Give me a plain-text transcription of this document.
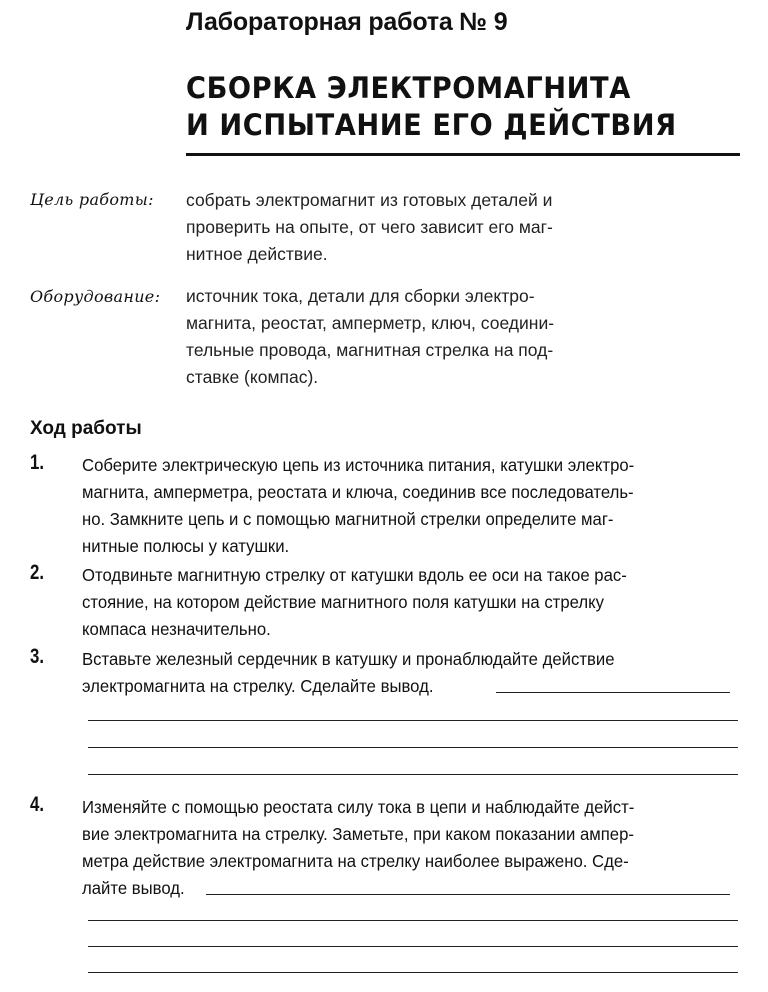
Лабораторная работа № 9
СБОРКА ЭЛЕКТРОМАГНИТА
И ИСПЫТАНИЕ ЕГО ДЕЙСТВИЯ
Цель работы: собрать электромагнит из готовых деталей и
проверить на опыте, от чего зависит его маг-
нитное действие.
Оборудование: источник тока, детали для сборки электро-
магнита, реостат, амперметр, ключ, соедини-
тельные провода, магнитная стрелка на под-
ставке (компас).
Ход работы
1. Соберите электрическую цепь из источника питания, катушки электро-
магнита, амперметра, реостата и ключа, соединив все последователь-
но. Замкните цепь и с помощью магнитной стрелки определите маг-
нитные полюсы у катушки.
2. Отодвиньте магнитную стрелку от катушки вдоль ее оси на такое рас-
стояние, на котором действие магнитного поля катушки на стрелку
компаса незначительно.
3. Вставьте железный сердечник в катушку и пронаблюдайте действие
электромагнита на стрелку. Сделайте вывод.
4. Изменяйте с помощью реостата силу тока в цепи и наблюдайте дейст-
вие электромагнита на стрелку. Заметьте, при каком показании ампер-
метра действие электромагнита на стрелку наиболее выражено. Сде-
лайте вывод.
